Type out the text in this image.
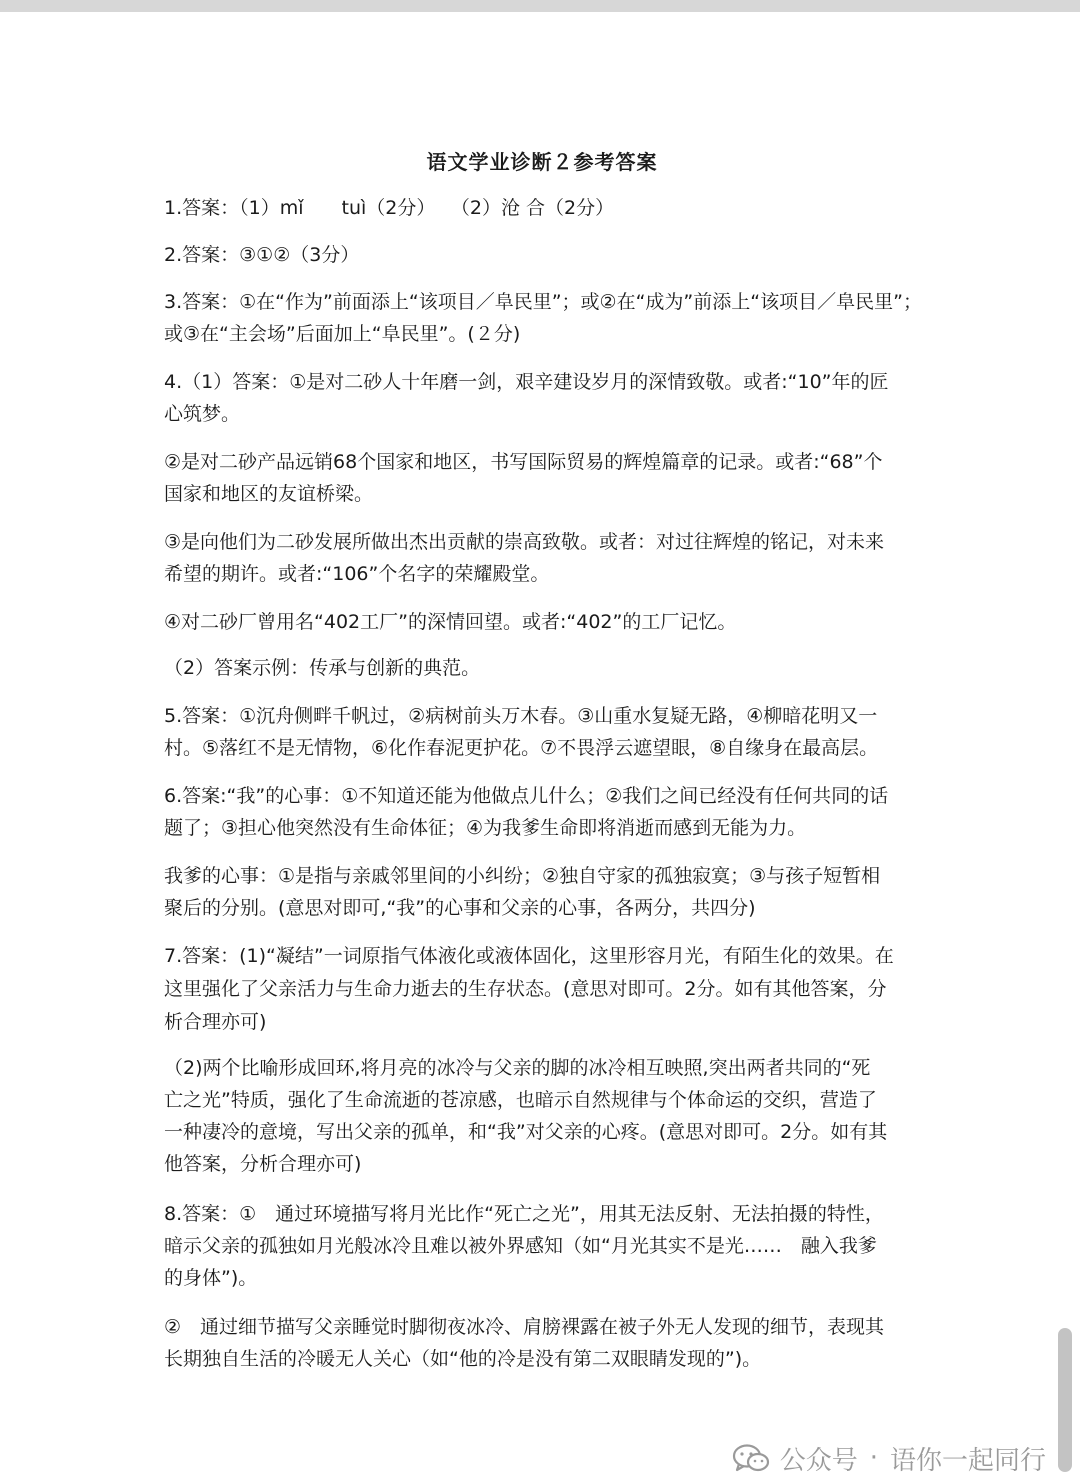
语文学业诊断２参考答案
1.答案：（1）mǐ　　tuì（2分）　 （2）沧 合（2分）
2.答案：③①②（3分）
3.答案：①在“作为”前面添上“该项目／阜民里”；或②在“成为”前添上“该项目／阜民里”；
或③在“主会场”后面加上“阜民里”。(２分)
4.（1）答案：①是对二砂人十年磨一剑，艰辛建设岁月的深情致敬。或者:“10”年的匠
心筑梦。
②是对二砂产品远销68个国家和地区，书写国际贸易的辉煌篇章的记录。或者:“68”个
国家和地区的友谊桥梁。
③是向他们为二砂发展所做出杰出贡献的崇高致敬。或者：对过往辉煌的铭记，对未来
希望的期许。或者:“106”个名字的荣耀殿堂。
④对二砂厂曾用名“402工厂”的深情回望。或者:“402”的工厂记忆。
（2）答案示例：传承与创新的典范。
5.答案：①沉舟侧畔千帆过，②病树前头万木春。③山重水复疑无路，④柳暗花明又一
村。⑤落红不是无情物，⑥化作春泥更护花。⑦不畏浮云遮望眼，⑧自缘身在最高层。
6.答案:“我”的心事：①不知道还能为他做点儿什么；②我们之间已经没有任何共同的话
题了；③担心他突然没有生命体征；④为我爹生命即将消逝而感到无能为力。
我爹的心事：①是指与亲戚邻里间的小纠纷；②独自守家的孤独寂寞；③与孩子短暂相
聚后的分别。(意思对即可,“我”的心事和父亲的心事，各两分，共四分)
7.答案：(1)“凝结”一词原指气体液化或液体固化，这里形容月光，有陌生化的效果。在
这里强化了父亲活力与生命力逝去的生存状态。(意思对即可。2分。如有其他答案，分
析合理亦可)
（2)两个比喻形成回环,将月亮的冰冷与父亲的脚的冰冷相互映照,突出两者共同的“死
亡之光”特质，强化了生命流逝的苍凉感，也暗示自然规律与个体命运的交织，营造了
一种凄冷的意境，写出父亲的孤单，和“我”对父亲的心疼。(意思对即可。2分。如有其
他答案，分析合理亦可)
8.答案：①　通过环境描写将月光比作“死亡之光”，用其无法反射、无法拍摄的特性，
暗示父亲的孤独如月光般冰冷且难以被外界感知（如“月光其实不是光……　融入我爹
的身体”)。
②　通过细节描写父亲睡觉时脚彻夜冰冷、肩膀裸露在被子外无人发现的细节，表现其
长期独自生活的冷暖无人关心（如“他的冷是没有第二双眼睛发现的”)。
公众号 · 语你一起同行
